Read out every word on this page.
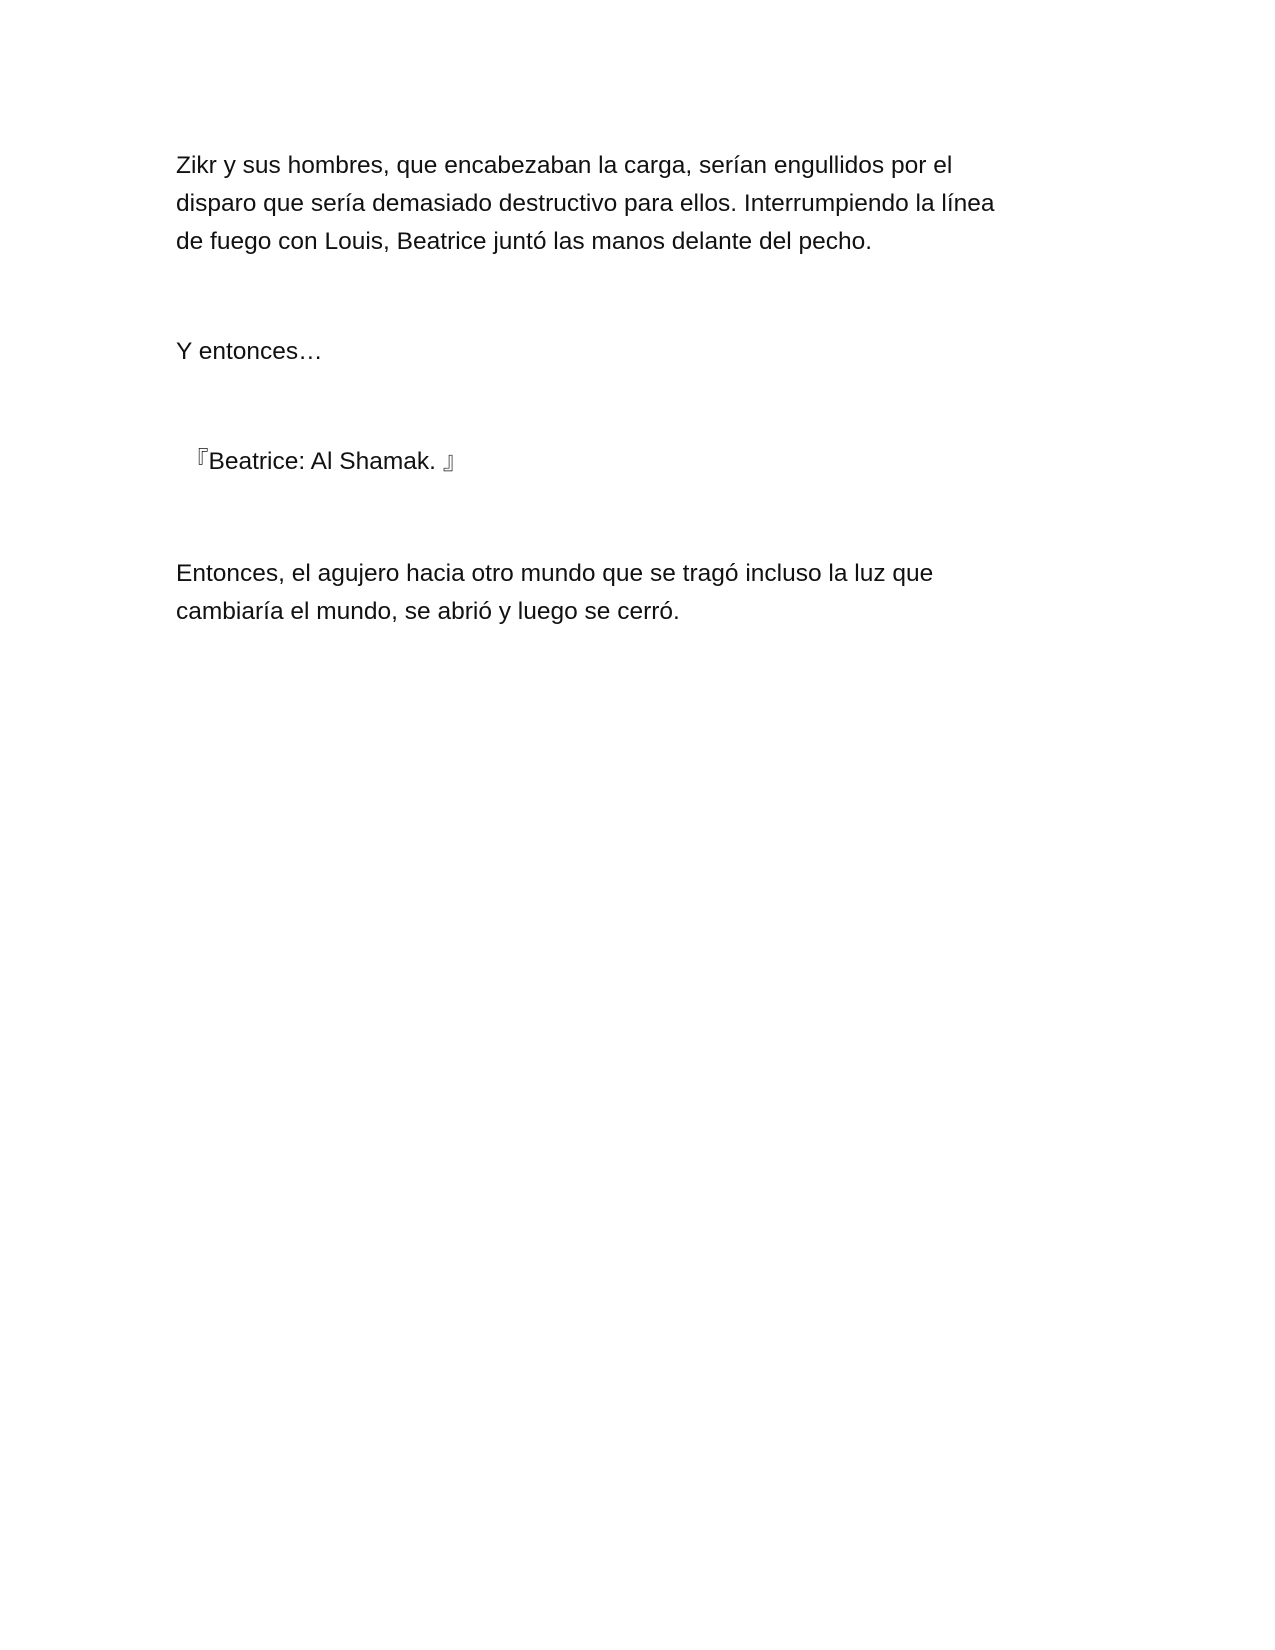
Zikr y sus hombres, que encabezaban la carga, serían engullidos por el
disparo que sería demasiado destructivo para ellos. Interrumpiendo la línea
de fuego con Louis, Beatrice juntó las manos delante del pecho.

Y entonces…

『Beatrice: Al Shamak. 』

Entonces, el agujero hacia otro mundo que se tragó incluso la luz que
cambiaría el mundo, se abrió y luego se cerró.
